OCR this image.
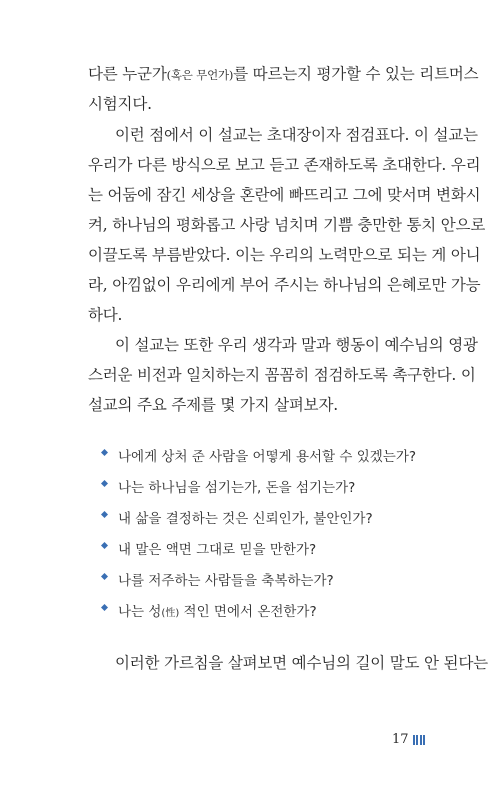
다른 누군가(혹은 무언가)를 따르는지 평가할 수 있는 리트머스
시험지다.
이런 점에서 이 설교는 초대장이자 점검표다. 이 설교는
우리가 다른 방식으로 보고 듣고 존재하도록 초대한다. 우리
는 어둠에 잠긴 세상을 혼란에 빠뜨리고 그에 맞서며 변화시
켜, 하나님의 평화롭고 사랑 넘치며 기쁨 충만한 통치 안으로
이끌도록 부름받았다. 이는 우리의 노력만으로 되는 게 아니
라, 아낌없이 우리에게 부어 주시는 하나님의 은혜로만 가능
하다.
이 설교는 또한 우리 생각과 말과 행동이 예수님의 영광
스러운 비전과 일치하는지 꼼꼼히 점검하도록 촉구한다. 이
설교의 주요 주제를 몇 가지 살펴보자.
나에게 상처 준 사람을 어떻게 용서할 수 있겠는가?
나는 하나님을 섬기는가, 돈을 섬기는가?
내 삶을 결정하는 것은 신뢰인가, 불안인가?
내 말은 액면 그대로 믿을 만한가?
나를 저주하는 사람들을 축복하는가?
나는 성(性) 적인 면에서 온전한가?
이러한 가르침을 살펴보면 예수님의 길이 말도 안 된다는
17
